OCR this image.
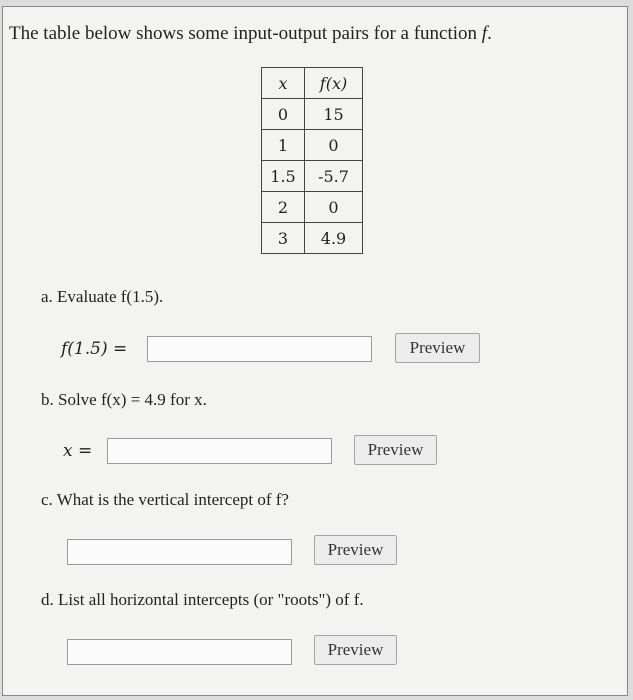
The table below shows some input-output pairs for a function f.
x	f(x)
0	15
1	0
1.5	-5.7
2	0
3	4.9
a. Evaluate f(1.5).
f(1.5) =	Preview
b. Solve f(x) = 4.9 for x.
x =	Preview
c. What is the vertical intercept of f?
Preview
d. List all horizontal intercepts (or "roots") of f.
Preview
